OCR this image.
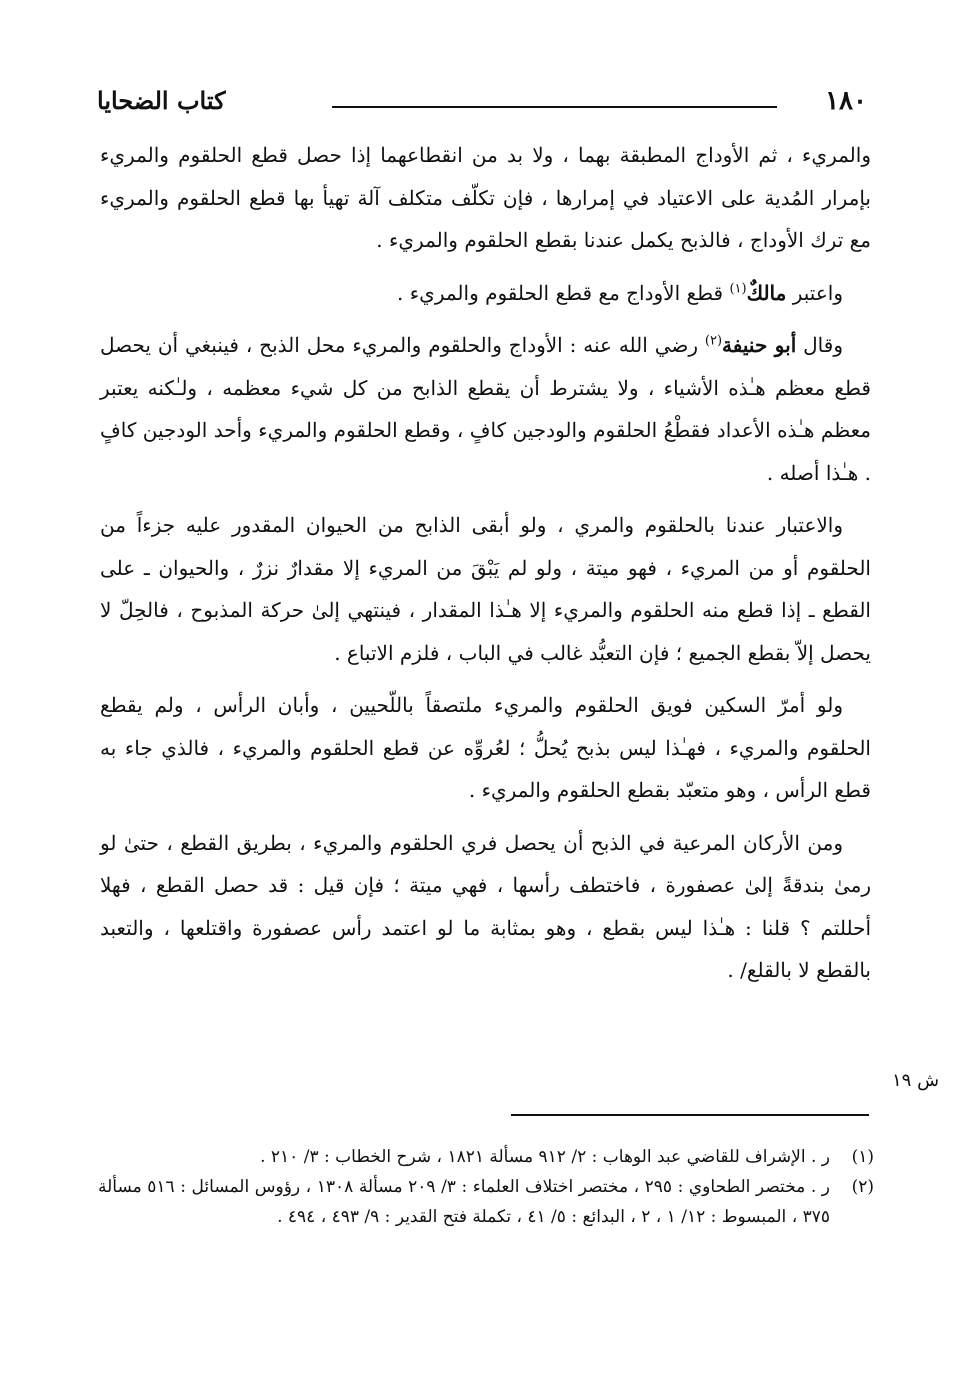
١٨٠
كتاب الضحايا

والمريء ، ثم الأوداج المطبقة بهما ، ولا بد من انقطاعهما إذا حصل قطع الحلقوم والمريء بإمرار المُدية على الاعتياد في إمرارها ، فإن تكلّف متكلف آلة تهيأ بها قطع الحلقوم والمريء مع ترك الأوداج ، فالذبح يكمل عندنا بقطع الحلقوم والمريء .

واعتبر مالكٌ$^{(١)}$ قطع الأوداج مع قطع الحلقوم والمريء .

وقال أبو حنيفة$^{(٢)}$ رضي الله عنه : الأوداج والحلقوم والمريء محل الذبح ، فينبغي أن يحصل قطع معظم هـٰذه الأشياء ، ولا يشترط أن يقطع الذابح من كل شيء معظمه ، ولـٰكنه يعتبر معظم هـٰذه الأعداد فقطْعُ الحلقوم والودجين كافٍ ، وقطع الحلقوم والمريء وأحد الودجين كافٍ . هـٰذا أصله .

والاعتبار عندنا بالحلقوم والمري ، ولو أبقى الذابح من الحيوان المقدور عليه جزءاً من الحلقوم أو من المريء ، فهو ميتة ، ولو لم يَبْقَ من المريء إلا مقدارٌ نزرٌ ، والحيوان ـ على القطع ـ إذا قطع منه الحلقوم والمريء إلا هـٰذا المقدار ، فينتهي إلىٰ حركة المذبوح ، فالحِلّ لا يحصل إلاّ بقطع الجميع ؛ فإن التعبُّد غالب في الباب ، فلزم الاتباع .

ولو أمرّ السكين فويق الحلقوم والمريء ملتصقاً باللّحيين ، وأبان الرأس ، ولم يقطع الحلقوم والمريء ، فهـٰذا ليس بذبح يُحلُّ ؛ لعُروِّه عن قطع الحلقوم والمريء ، فالذي جاء به قطع الرأس ، وهو متعبّد بقطع الحلقوم والمريء .

ومن الأركان المرعية في الذبح أن يحصل فري الحلقوم والمريء ، بطريق القطع ، حتىٰ لو رمىٰ بندقةً إلىٰ عصفورة ، فاختطف رأسها ، فهي ميتة ؛ فإن قيل : قد حصل القطع ، فهلا أحللتم ؟ قلنا : هـٰذا ليس بقطع ، وهو بمثابة ما لو اعتمد رأس عصفورة واقتلعها ، والتعبد بالقطع لا بالقلع/ .

ش ١٩
(١)
ر . الإشراف للقاضي عبد الوهاب : ٢/ ٩١٢ مسألة ١٨٢١ ، شرح الخطاب : ٣/ ٢١٠ .
(٢)
ر . مختصر الطحاوي : ٢٩٥ ، مختصر اختلاف العلماء : ٣/ ٢٠٩ مسألة ١٣٠٨ ، رؤوس المسائل : ٥١٦ مسألة ٣٧٥ ، المبسوط : ١٢/ ١ ، ٢ ، البدائع : ٥/ ٤١ ، تكملة فتح القدير : ٩/ ٤٩٣ ، ٤٩٤ .
